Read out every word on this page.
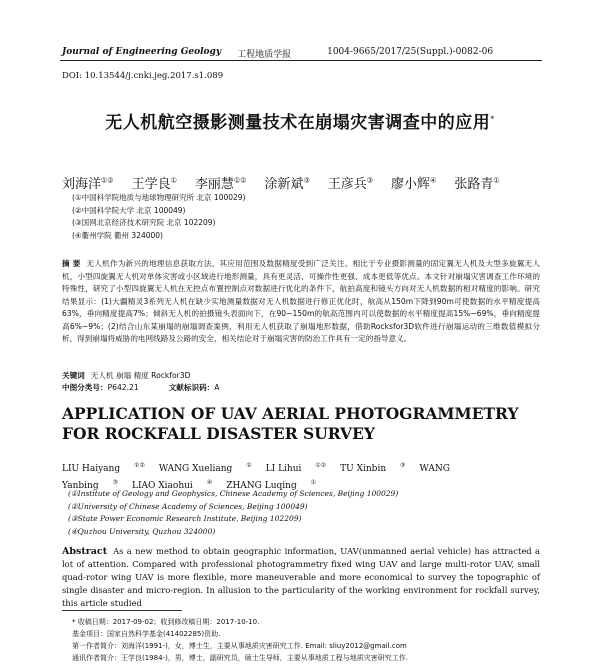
Journal of Engineering Geology 工程地质学报	1004-9665/2017/25(Suppl.)-0082-06
DOI: 10.13544/j.cnki.jeg.2017.s1.089
无人机航空摄影测量技术在崩塌灾害调查中的应用*
刘海洋①② 王学良① 李丽慧①② 涂新斌③ 王彦兵③ 廖小辉④ 张路青①
(①中国科学院地质与地球物理研究所 北京 100029)
(②中国科学院大学 北京 100049)
(③国网北京经济技术研究院 北京 102209)
(④衢州学院 衢州 324000)
摘 要 无人机作为新兴的地理信息获取方法，其应用范围及数据精度受到广泛关注。相比于专业摄影测量的固定翼无人机及大型多旋翼无人机，小型四旋翼无人机对单体灾害或小区域进行地形测量，具有更灵活、可操作性更强、成本更低等优点。本文针对崩塌灾害调查工作环境的特殊性，研究了小型四旋翼无人机在无控点布置控制点对数据进行优化的条件下，航拍高度和镜头方向对无人机数据的相对精度的影响。研究结果显示：(1)大疆精灵3系列无人机在缺少实地测量数据对无人机数据进行修正优化时，航高从150m下降到90m可使数据的水平精度提高63%，垂向精度提高7%；倾斜无人机的拍摄镜头表面向下，在90~150m的航高范围内可以使数据的水平精度提高15%~69%，垂向精度提高6%~9%；(2)结合山东某崩塌的崩塌调查案例，利用无人机获取了崩塌地形数据，借助Rocksfor3D软件进行崩塌运动的三维数值模拟分析，得到崩塌将威胁的电网线路及公路的安全，相关结论对于崩塌灾害的防治工作具有一定的指导意义。
关键词 无人机 崩塌 精度 Rockfor3D
中图分类号：P642.21	文献标识码：A
APPLICATION OF UAV AERIAL PHOTOGRAMMETRY FOR ROCKFALL DISASTER SURVEY
LIU Haiyang ①② WANG Xueliang ① LI Lihui ①② TU Xinbin ③ WANG Yanbing ③ LIAO Xiaohui ④ ZHANG Luqing ①
(①Institute of Geology and Geophysics, Chinese Academy of Sciences, Beijing 100029)
(②University of Chinese Academy of Sciences, Beijing 100049)
(③State Power Economic Research Institute, Beijing 102209)
(④Quzhou University, Quzhou 324000)
Abstract As a new method to obtain geographic information, UAV(unmanned aerial vehicle) has attracted a lot of attention. Compared with professional photogrammetry fixed wing UAV and large multi-rotor UAV, small quad-rotor wing UAV is more flexible, more maneuverable and more economical to survey the topographic of single disaster and micro-region. In allusion to the particularity of the working environment for rockfall survey, this article studied
* 收稿日期：2017-09-02；收到修改稿日期：2017-10-10.
基金项目：国家自然科学基金(41402285)资助.
第一作者简介：刘海洋(1991-)，女，博士生，主要从事地质灾害研究工作. Email: sliuy2012@gmail.com
通讯作者简介：王学良(1984-)，男，博士，副研究员，硕士生导师，主要从事地质工程与地质灾害研究工作.
